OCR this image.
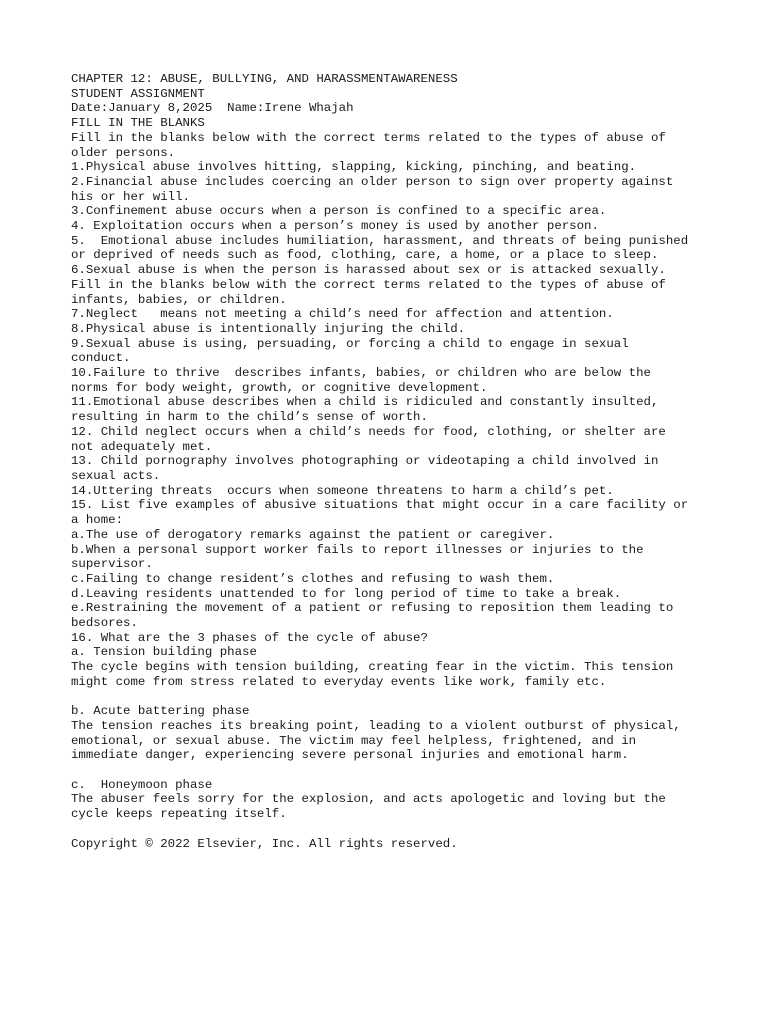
CHAPTER 12: ABUSE, BULLYING, AND HARASSMENTAWARENESS
STUDENT ASSIGNMENT
Date:January 8,2025  Name:Irene Whajah
FILL IN THE BLANKS
Fill in the blanks below with the correct terms related to the types of abuse of
older persons.
1.Physical abuse involves hitting, slapping, kicking, pinching, and beating.
2.Financial abuse includes coercing an older person to sign over property against
his or her will.
3.Confinement abuse occurs when a person is confined to a specific area.
4. Exploitation occurs when a person’s money is used by another person.
5.  Emotional abuse includes humiliation, harassment, and threats of being punished
or deprived of needs such as food, clothing, care, a home, or a place to sleep.
6.Sexual abuse is when the person is harassed about sex or is attacked sexually.
Fill in the blanks below with the correct terms related to the types of abuse of
infants, babies, or children.
7.Neglect   means not meeting a child’s need for affection and attention.
8.Physical abuse is intentionally injuring the child.
9.Sexual abuse is using, persuading, or forcing a child to engage in sexual
conduct.
10.Failure to thrive  describes infants, babies, or children who are below the
norms for body weight, growth, or cognitive development.
11.Emotional abuse describes when a child is ridiculed and constantly insulted,
resulting in harm to the child’s sense of worth.
12. Child neglect occurs when a child’s needs for food, clothing, or shelter are
not adequately met.
13. Child pornography involves photographing or videotaping a child involved in
sexual acts.
14.Uttering threats  occurs when someone threatens to harm a child’s pet.
15. List five examples of abusive situations that might occur in a care facility or
a home:
a.The use of derogatory remarks against the patient or caregiver.
b.When a personal support worker fails to report illnesses or injuries to the
supervisor.
c.Failing to change resident’s clothes and refusing to wash them.
d.Leaving residents unattended to for long period of time to take a break.
e.Restraining the movement of a patient or refusing to reposition them leading to
bedsores.
16. What are the 3 phases of the cycle of abuse?
a. Tension building phase
The cycle begins with tension building, creating fear in the victim. This tension
might come from stress related to everyday events like work, family etc.
b. Acute battering phase
The tension reaches its breaking point, leading to a violent outburst of physical,
emotional, or sexual abuse. The victim may feel helpless, frightened, and in
immediate danger, experiencing severe personal injuries and emotional harm.
c.  Honeymoon phase
The abuser feels sorry for the explosion, and acts apologetic and loving but the
cycle keeps repeating itself.
Copyright © 2022 Elsevier, Inc. All rights reserved.
